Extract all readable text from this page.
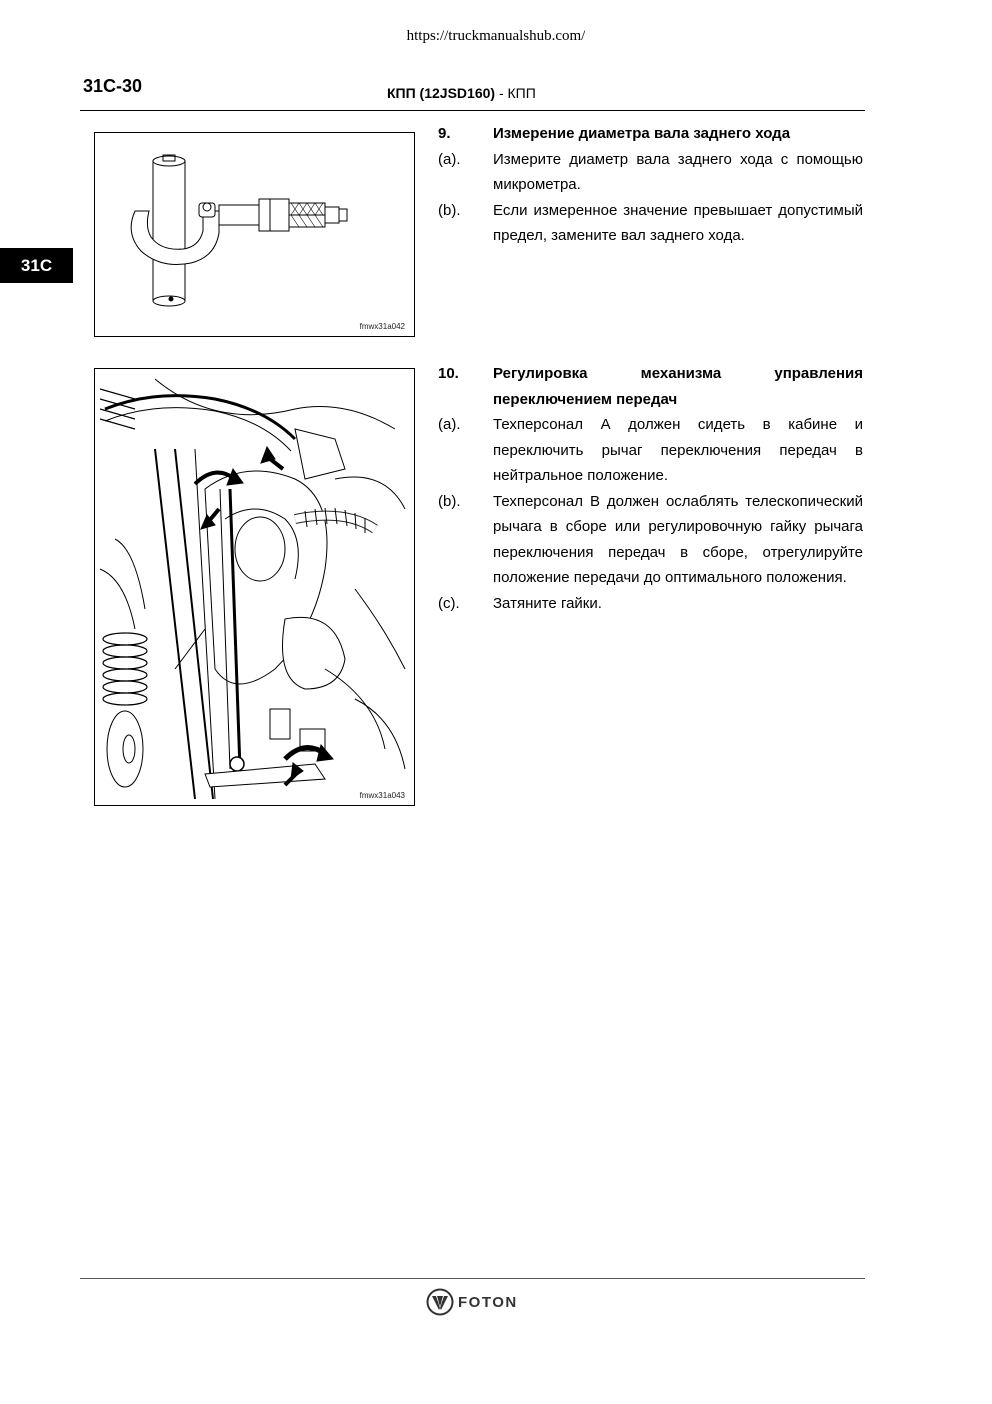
https://truckmanualshub.com/
31C-30	КПП (12JSD160) - КПП
31C
fmwx31a042
fmwx31a043
9.	Измерение диаметра вала заднего хода
(a).	Измерите диаметр вала заднего хода с помощью микрометра.
(b).	Если измеренное значение превышает допустимый предел, замените вал заднего хода.
10.	Регулировка механизма управления переключением передач
(a).	Техперсонал А должен сидеть в кабине и переключить рычаг переключения передач в нейтральное положение.
(b).	Техперсонал B должен ослаблять телескопический рычага в сборе или регулировочную гайку рычага переключения передач в сборе, отрегулируйте положение передачи до оптимального положения.
(c).	Затяните гайки.
FOTON
